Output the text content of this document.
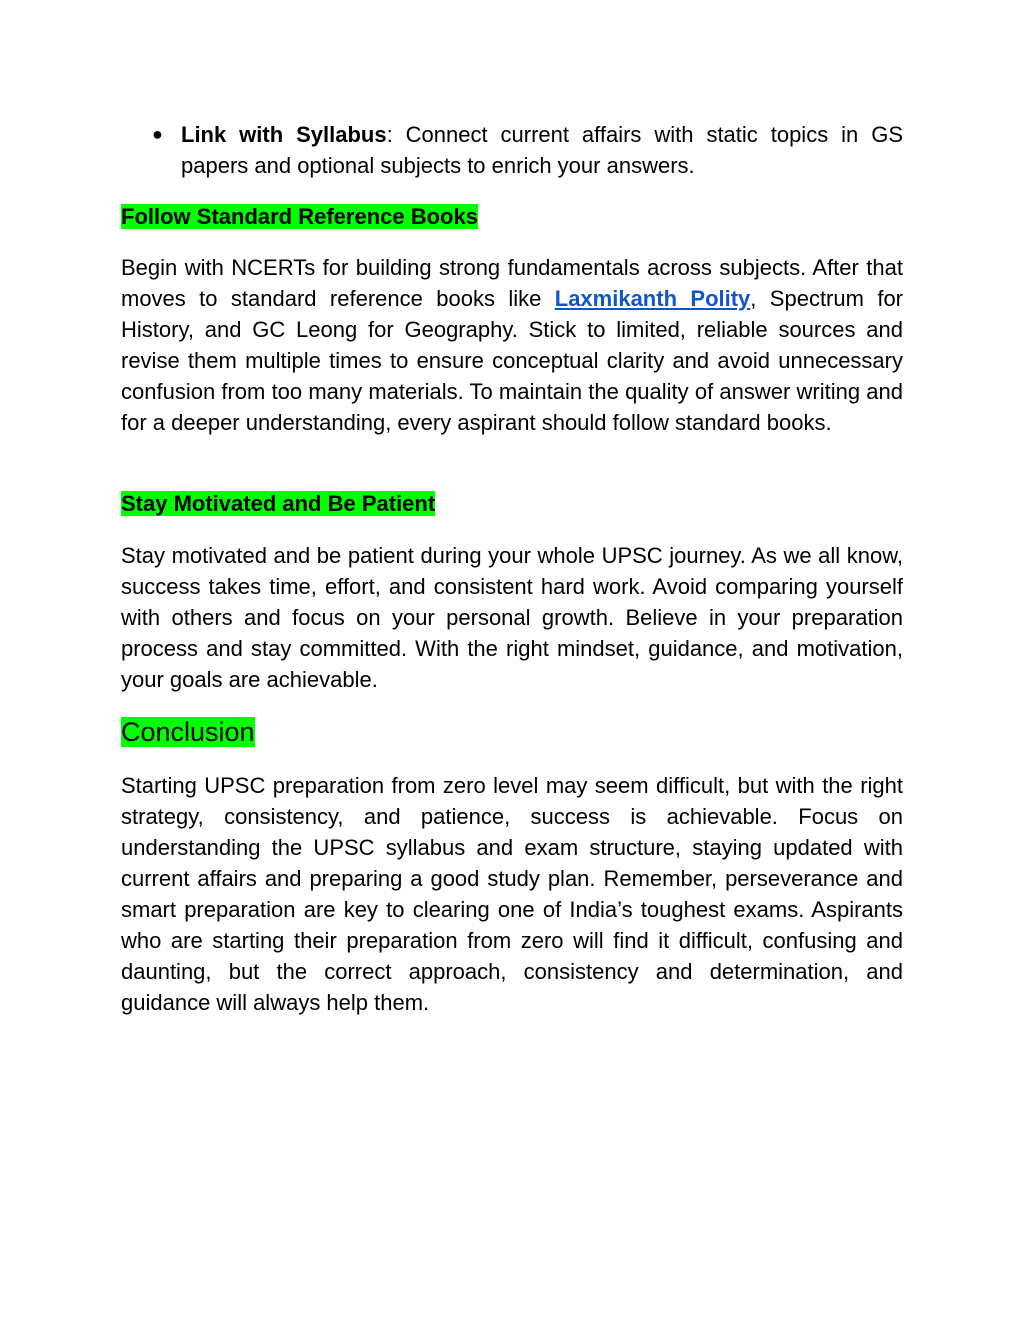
● Link with Syllabus: Connect current affairs with static topics in GS papers and optional subjects to enrich your answers.
Follow Standard Reference Books
Begin with NCERTs for building strong fundamentals across subjects. After that moves to standard reference books like Laxmikanth Polity, Spectrum for History, and GC Leong for Geography. Stick to limited, reliable sources and revise them multiple times to ensure conceptual clarity and avoid unnecessary confusion from too many materials. To maintain the quality of answer writing and for a deeper understanding, every aspirant should follow standard books.
Stay Motivated and Be Patient
Stay motivated and be patient during your whole UPSC journey. As we all know, success takes time, effort, and consistent hard work. Avoid comparing yourself with others and focus on your personal growth. Believe in your preparation process and stay committed. With the right mindset, guidance, and motivation, your goals are achievable.
Conclusion
Starting UPSC preparation from zero level may seem difficult, but with the right strategy, consistency, and patience, success is achievable. Focus on understanding the UPSC syllabus and exam structure, staying updated with current affairs and preparing a good study plan. Remember, perseverance and smart preparation are key to clearing one of India’s toughest exams. Aspirants who are starting their preparation from zero will find it difficult, confusing and daunting, but the correct approach, consistency and determination, and guidance will always help them.
